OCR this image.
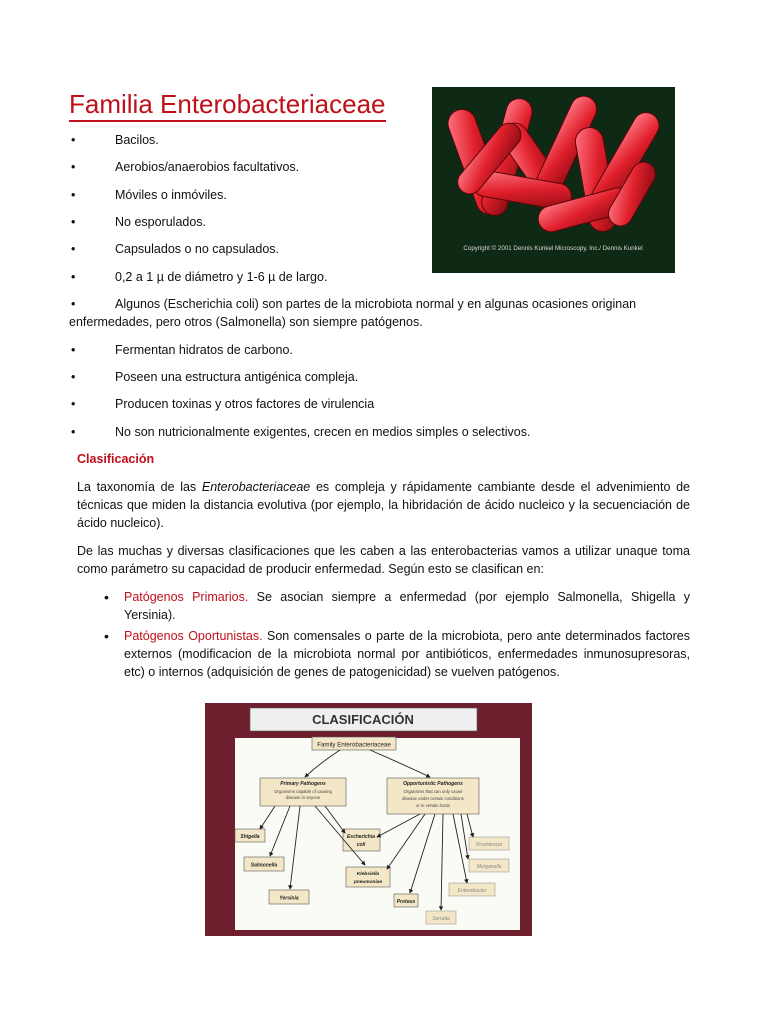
Familia Enterobacteriaceae
Copyright © 2001 Dennis Kunkel Microscopy, Inc./ Dennis Kunkel
•	Bacilos.
•	Aerobios/anaerobios facultativos.
•	Móviles o inmóviles.
•	No esporulados.
•	Capsulados o no capsulados.
•	0,2 a 1 µ de diámetro y 1-6 µ de largo.
•	Algunos (Escherichia coli) son partes de la microbiota normal y en algunas ocasiones originan enfermedades, pero otros (Salmonella) son siempre patógenos.
•	Fermentan hidratos de carbono.
•	Poseen una estructura antigénica compleja.
•	Producen toxinas y otros factores de virulencia
•	No son nutricionalmente exigentes, crecen en medios simples o selectivos.
Clasificación

La taxonomía de las Enterobacteriaceae es compleja y rápidamente cambiante desde el advenimiento de técnicas que miden la distancia evolutiva (por ejemplo, la hibridación de ácido nucleico y la secuenciación de ácido nucleico).

De las muchas y diversas clasificaciones que les caben a las enterobacterias vamos a utilizar unaque toma como parámetro su capacidad de producir enfermedad. Según esto se clasifican en:

• Patógenos Primarios. Se asocian siempre a enfermedad (por ejemplo Salmonella, Shigella y Yersinia).
• Patógenos Oportunistas. Son comensales o parte de la microbiota, pero ante determinados factores externos (modificacion de la microbiota normal por antibióticos, enfermedades inmunosupresoras, etc) o internos (adquisición de genes de patogenicidad) se vuelven patógenos.
CLASIFICACIÓN
Family Enterobacteriaceae
Primary Pathogens
Organisms capable of causing
disease in anyone
Opportunistic Pathogens
Organisms that can only cause
disease under certain conditions
or in certain hosts
Shigella
Salmonella
Yersinia
Escherichia
coli
Klebsiella
pneumoniae
Proteus
Serratia
Providencia
Morganella
Enterobacter
